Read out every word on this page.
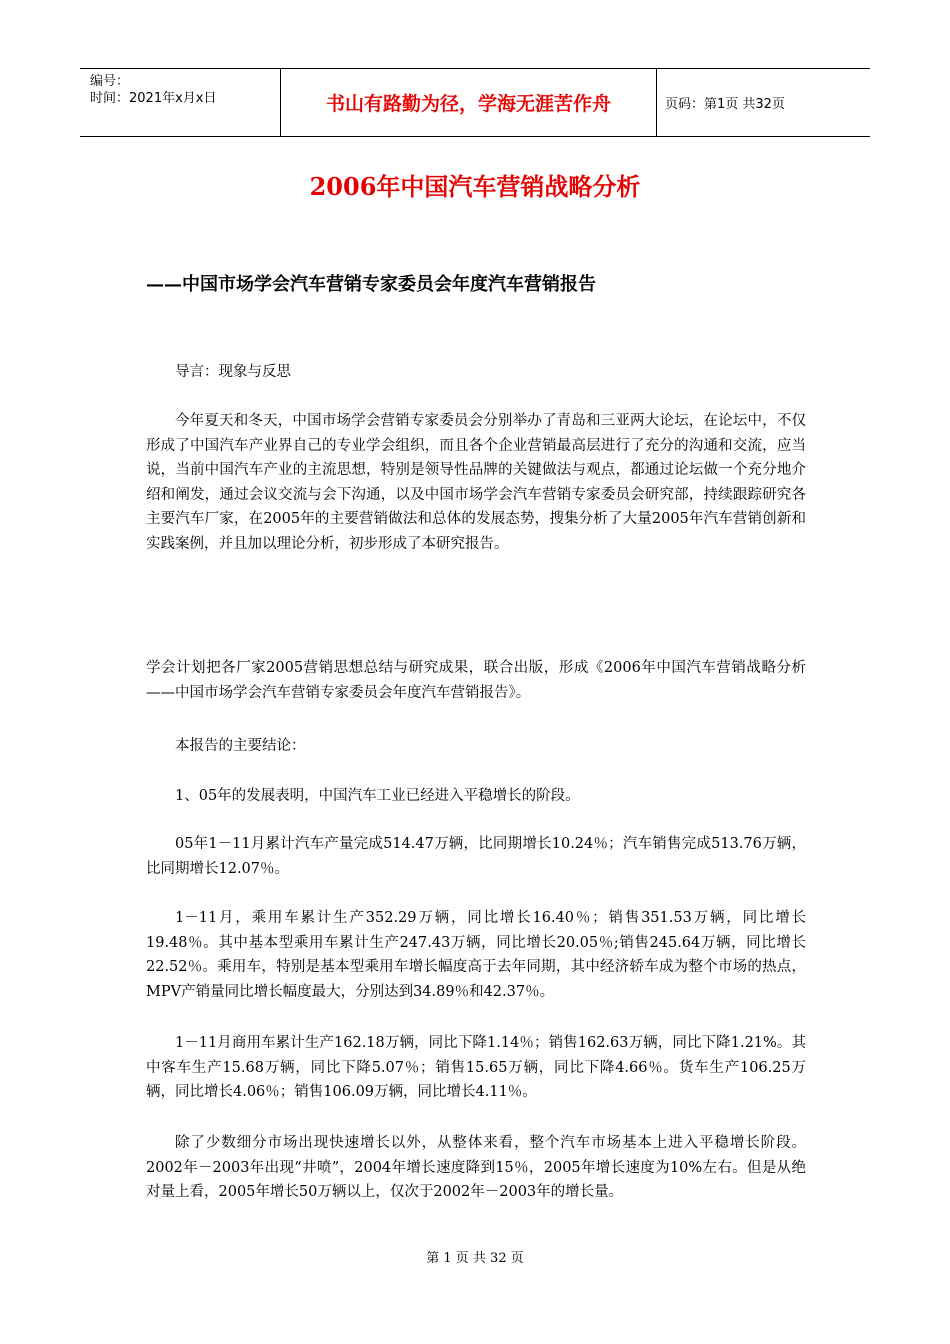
编号：
时间：2021年x月x日	书山有路勤为径，学海无涯苦作舟	页码：第1页 共32页
2006年中国汽车营销战略分析
——中国市场学会汽车营销专家委员会年度汽车营销报告
导言：现象与反思
今年夏天和冬天，中国市场学会营销专家委员会分别举办了青岛和三亚两大论坛，在论坛中，不仅形成了中国汽车产业界自己的专业学会组织，而且各个企业营销最高层进行了充分的沟通和交流，应当说，当前中国汽车产业的主流思想，特别是领导性品牌的关键做法与观点，都通过论坛做一个充分地介绍和阐发，通过会议交流与会下沟通，以及中国市场学会汽车营销专家委员会研究部，持续跟踪研究各主要汽车厂家，在2005年的主要营销做法和总体的发展态势，搜集分析了大量2005年汽车营销创新和实践案例，并且加以理论分析，初步形成了本研究报告。
学会计划把各厂家2005营销思想总结与研究成果，联合出版，形成《2006年中国汽车营销战略分析——中国市场学会汽车营销专家委员会年度汽车营销报告》。
本报告的主要结论：
1、05年的发展表明，中国汽车工业已经进入平稳增长的阶段。
05年1－11月累计汽车产量完成514.47万辆，比同期增长10.24％；汽车销售完成513.76万辆，比同期增长12.07％。
1－11月，乘用车累计生产352.29万辆，同比增长16.40％；销售351.53万辆，同比增长19.48％。其中基本型乘用车累计生产247.43万辆，同比增长20.05％;销售245.64万辆，同比增长22.52％。乘用车，特别是基本型乘用车增长幅度高于去年同期，其中经济轿车成为整个市场的热点，MPV产销量同比增长幅度最大，分别达到34.89％和42.37％。
1－11月商用车累计生产162.18万辆，同比下降1.14％；销售162.63万辆，同比下降1.21%。其中客车生产15.68万辆，同比下降5.07％；销售15.65万辆，同比下降4.66％。货车生产106.25万辆，同比增长4.06％；销售106.09万辆，同比增长4.11％。
除了少数细分市场出现快速增长以外，从整体来看，整个汽车市场基本上进入平稳增长阶段。2002年－2003年出现“井喷”，2004年增长速度降到15％，2005年增长速度为10%左右。但是从绝对量上看，2005年增长50万辆以上，仅次于2002年－2003年的增长量。
第 1 页 共 32 页
